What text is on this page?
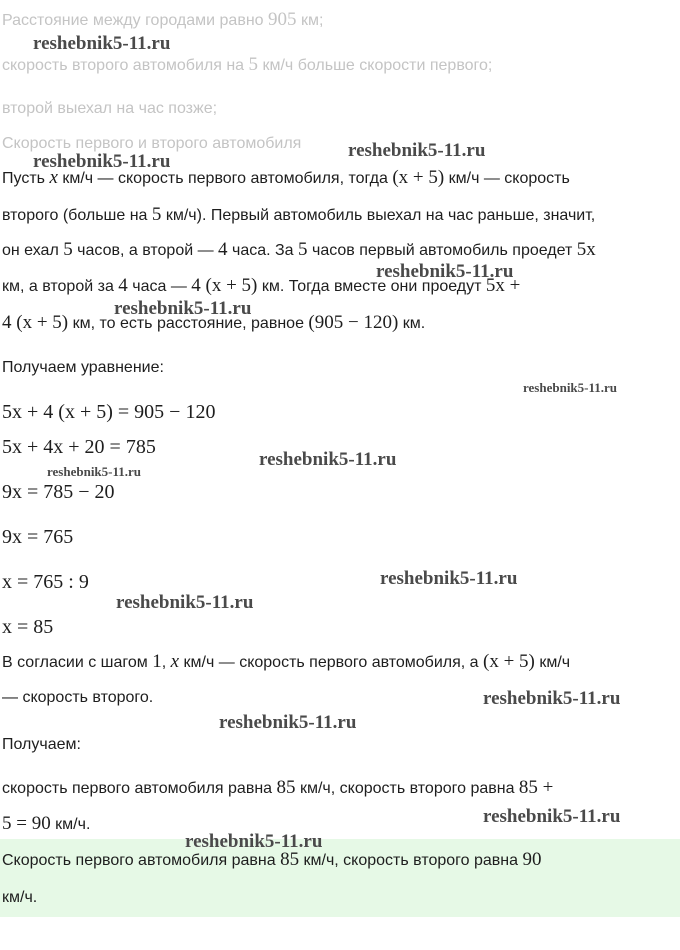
Расстояние между городами равно 905 км;
скорость второго автомобиля на 5 км/ч больше скорости первого;
второй выехал на час позже;
Скорость первого и второго автомобиля
Пусть x км/ч — скорость первого автомобиля, тогда (x + 5) км/ч — скорость
второго (больше на 5 км/ч). Первый автомобиль выехал на час раньше, значит,
он ехал 5 часов, а второй — 4 часа. За 5 часов первый автомобиль проедет 5x
км, а второй за 4 часа — 4 (x + 5) км. Тогда вместе они проедут 5x +
4 (x + 5) км, то есть расстояние, равное (905 − 120) км.
Получаем уравнение:
5x + 4 (x + 5) = 905 − 120
5x + 4x + 20 = 785
9x = 785 − 20
9x = 765
x = 765 : 9
x = 85
В согласии с шагом 1, x км/ч — скорость первого автомобиля, а (x + 5) км/ч
— скорость второго.
Получаем:
скорость первого автомобиля равна 85 км/ч, скорость второго равна 85 +
5 = 90 км/ч.
Скорость первого автомобиля равна 85 км/ч, скорость второго равна 90
км/ч.
reshebnik5-11.ru
reshebnik5-11.ru
reshebnik5-11.ru
reshebnik5-11.ru
reshebnik5-11.ru
reshebnik5-11.ru
reshebnik5-11.ru
reshebnik5-11.ru
reshebnik5-11.ru
reshebnik5-11.ru
reshebnik5-11.ru
reshebnik5-11.ru
reshebnik5-11.ru
reshebnik5-11.ru
